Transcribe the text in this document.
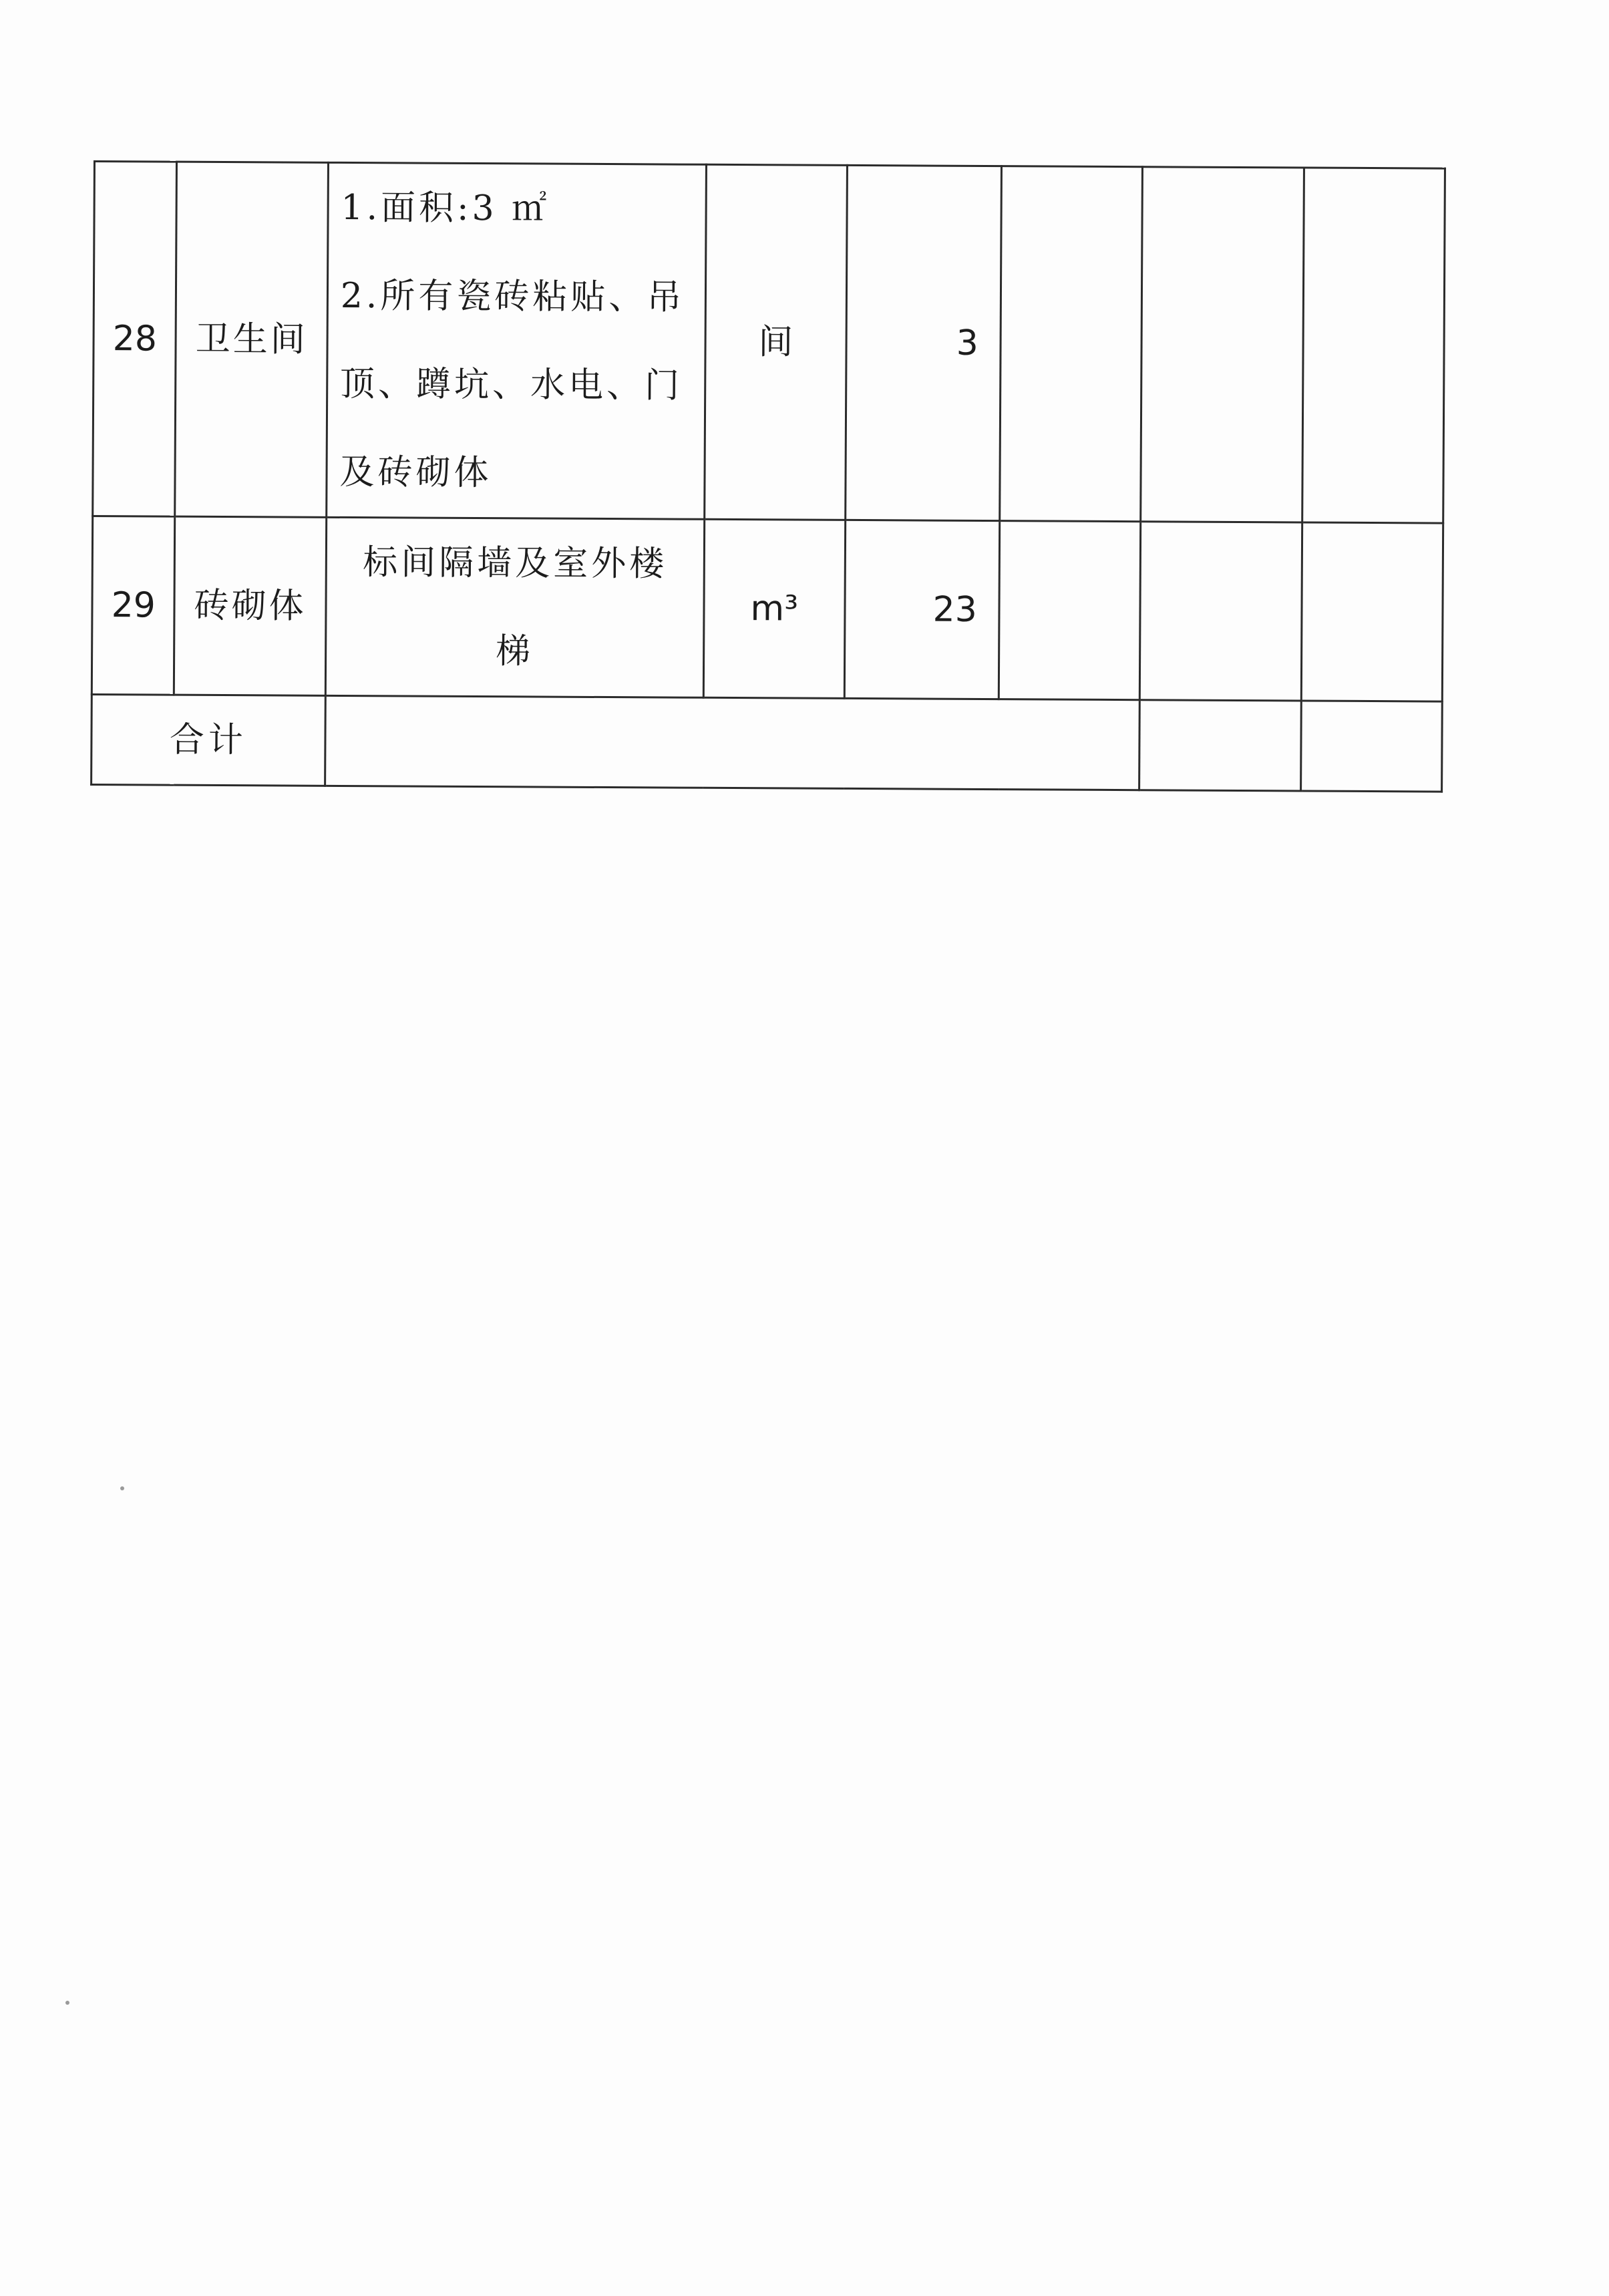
28	卫生间	1.面积:3 ㎡
2.所有瓷砖粘贴、吊
顶、蹲坑、水电、门
及砖砌体	间	3			
29	砖砌体	标间隔墙及室外楼
梯	m³	23			
合计							
